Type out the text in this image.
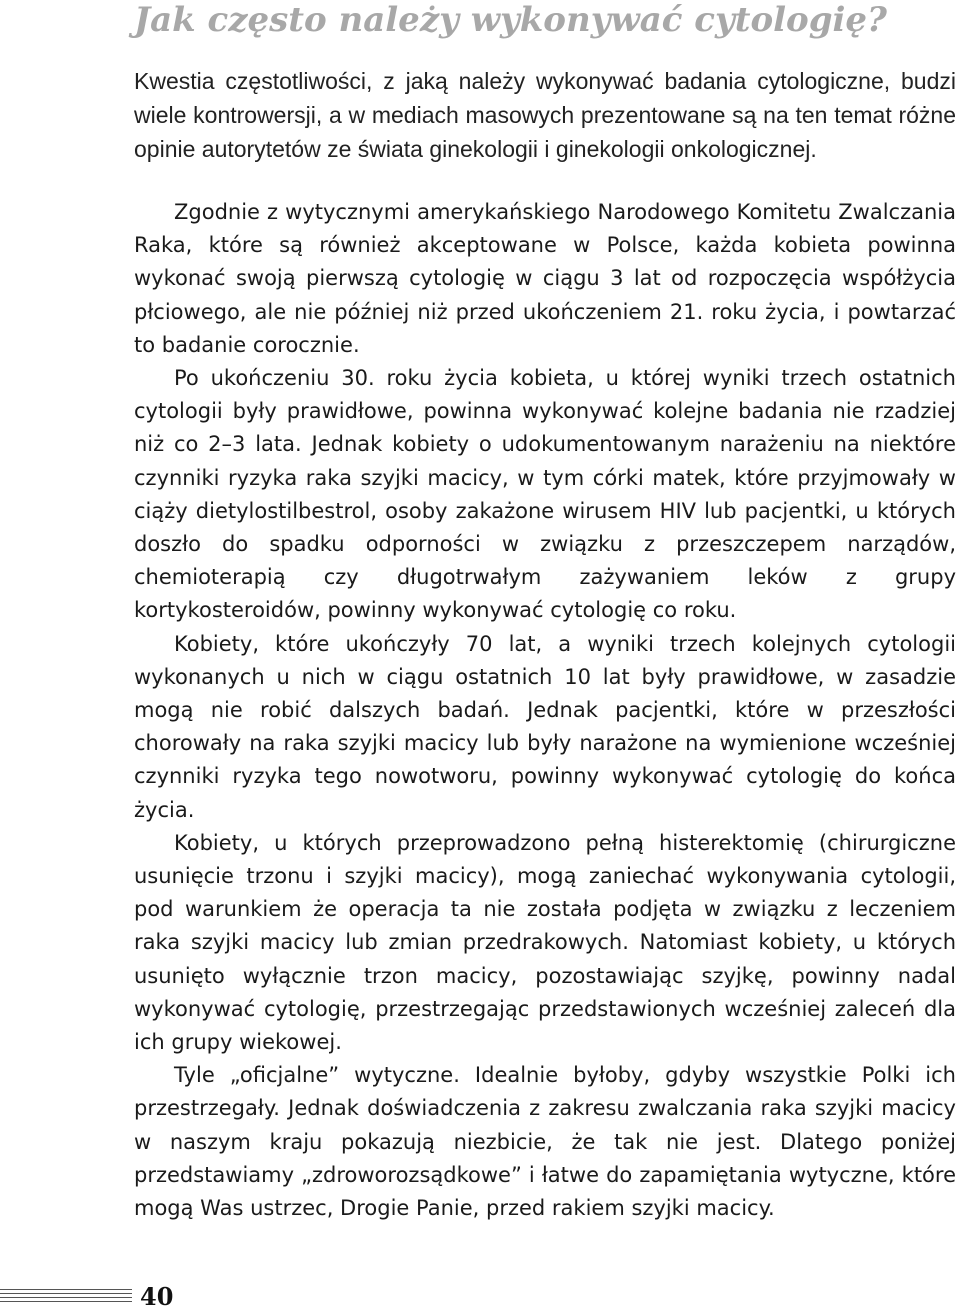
Jak często należy wykonywać cytologię?

Kwestia częstotliwości, z jaką należy wykonywać badania cytologiczne, budzi wiele kontrowersji, a w mediach masowych prezentowane są na ten temat różne opinie autorytetów ze świata ginekologii i ginekologii onkologicznej.

Zgodnie z wytycznymi amerykańskiego Narodowego Komitetu Zwalczania Raka, które są również akceptowane w Polsce, każda kobieta powinna wykonać swoją pierwszą cytologię w ciągu 3 lat od rozpoczęcia współżycia płciowego, ale nie później niż przed ukończeniem 21. roku życia, i powtarzać to badanie corocznie.

Po ukończeniu 30. roku życia kobieta, u której wyniki trzech ostatnich cytologii były prawidłowe, powinna wykonywać kolejne badania nie rzadziej niż co 2–3 lata. Jednak kobiety o udokumentowanym narażeniu na niektóre czynniki ryzyka raka szyjki macicy, w tym córki matek, które przyjmowały w ciąży dietylostilbestrol, osoby zakażone wirusem HIV lub pacjentki, u których doszło do spadku odporności w związku z przeszczepem narządów, chemioterapią czy długotrwałym zażywaniem leków z grupy kortykosteroidów, powinny wykonywać cytologię co roku.

Kobiety, które ukończyły 70 lat, a wyniki trzech kolejnych cytologii wykonanych u nich w ciągu ostatnich 10 lat były prawidłowe, w zasadzie mogą nie robić dalszych badań. Jednak pacjentki, które w przeszłości chorowały na raka szyjki macicy lub były narażone na wymienione wcześniej czynniki ryzyka tego nowotworu, powinny wykonywać cytologię do końca życia.

Kobiety, u których przeprowadzono pełną histerektomię (chirurgiczne usunięcie trzonu i szyjki macicy), mogą zaniechać wykonywania cytologii, pod warunkiem że operacja ta nie została podjęta w związku z leczeniem raka szyjki macicy lub zmian przedrakowych. Natomiast kobiety, u których usunięto wyłącznie trzon macicy, pozostawiając szyjkę, powinny nadal wykonywać cytologię, przestrzegając przedstawionych wcześniej zaleceń dla ich grupy wiekowej.

Tyle „oficjalne” wytyczne. Idealnie byłoby, gdyby wszystkie Polki ich przestrzegały. Jednak doświadczenia z zakresu zwalczania raka szyjki macicy w naszym kraju pokazują niezbicie, że tak nie jest. Dlatego poniżej przedstawiamy „zdroworozsądkowe” i łatwe do zapamiętania wytyczne, które mogą Was ustrzec, Drogie Panie, przed rakiem szyjki macicy.

40
